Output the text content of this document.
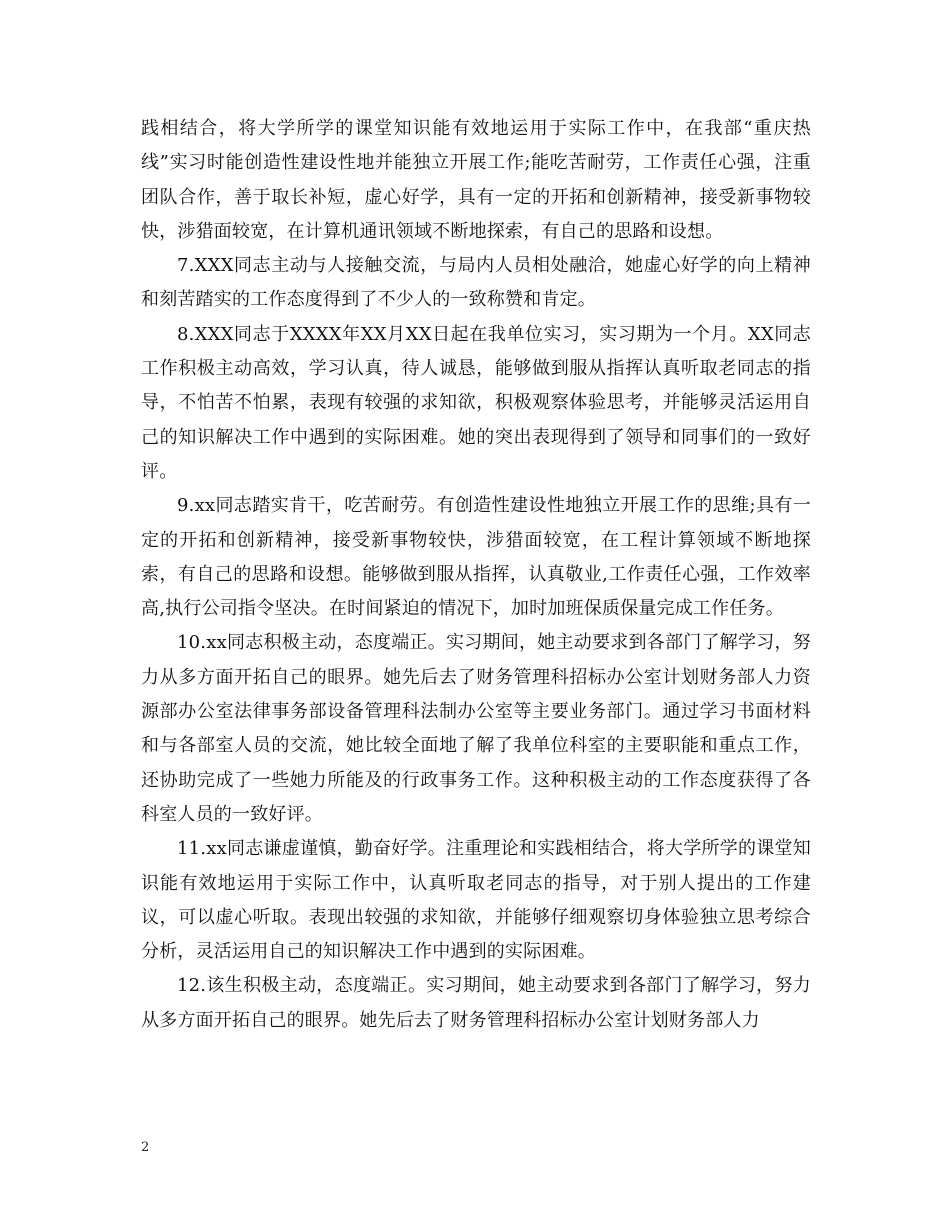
践相结合，将大学所学的课堂知识能有效地运用于实际工作中，在我部“重庆热线”实习时能创造性建设性地并能独立开展工作;能吃苦耐劳，工作责任心强，注重团队合作，善于取长补短，虚心好学，具有一定的开拓和创新精神，接受新事物较快，涉猎面较宽，在计算机通讯领域不断地探索，有自己的思路和设想。

7.XXX同志主动与人接触交流，与局内人员相处融洽，她虚心好学的向上精神和刻苦踏实的工作态度得到了不少人的一致称赞和肯定。

8.XXX同志于XXXX年XX月XX日起在我单位实习，实习期为一个月。XX同志工作积极主动高效，学习认真，待人诚恳，能够做到服从指挥认真听取老同志的指导，不怕苦不怕累，表现有较强的求知欲，积极观察体验思考，并能够灵活运用自己的知识解决工作中遇到的实际困难。她的突出表现得到了领导和同事们的一致好评。

9.xx同志踏实肯干，吃苦耐劳。有创造性建设性地独立开展工作的思维;具有一定的开拓和创新精神，接受新事物较快，涉猎面较宽，在工程计算领域不断地探索，有自己的思路和设想。能够做到服从指挥，认真敬业,工作责任心强，工作效率高,执行公司指令坚决。在时间紧迫的情况下，加时加班保质保量完成工作任务。

10.xx同志积极主动，态度端正。实习期间，她主动要求到各部门了解学习，努力从多方面开拓自己的眼界。她先后去了财务管理科招标办公室计划财务部人力资源部办公室法律事务部设备管理科法制办公室等主要业务部门。通过学习书面材料和与各部室人员的交流，她比较全面地了解了我单位科室的主要职能和重点工作，还协助完成了一些她力所能及的行政事务工作。这种积极主动的工作态度获得了各科室人员的一致好评。

11.xx同志谦虚谨慎，勤奋好学。注重理论和实践相结合，将大学所学的课堂知识能有效地运用于实际工作中，认真听取老同志的指导，对于别人提出的工作建议，可以虚心听取。表现出较强的求知欲，并能够仔细观察切身体验独立思考综合分析，灵活运用自己的知识解决工作中遇到的实际困难。

12.该生积极主动，态度端正。实习期间，她主动要求到各部门了解学习，努力从多方面开拓自己的眼界。她先后去了财务管理科招标办公室计划财务部人力

2
